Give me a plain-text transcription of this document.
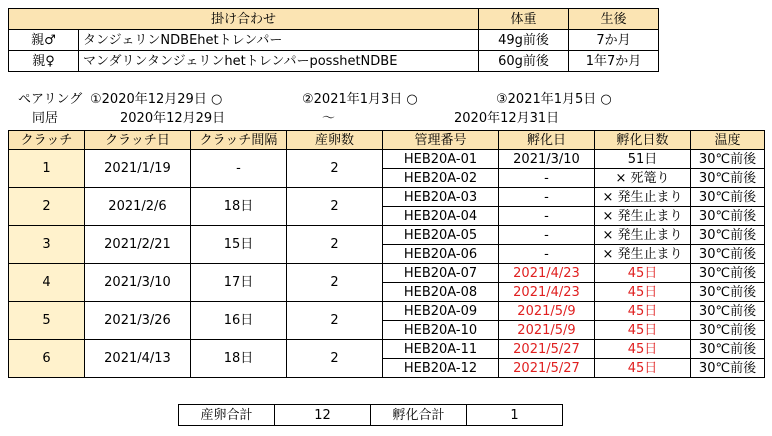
掛け合わせ		体重	生後
親♂	タンジェリンNDBEhetトレンパー	49g前後	7か月
親♀	マンダリンタンジェリンhetトレンパーposshetNDBE	60g前後	1年7か月
ペアリング ①2020年12月29日 ○	②2021年1月3日 ○	③2021年1月5日 ○
同居	2020年12月29日	～	2020年12月31日
クラッチ	クラッチ日	クラッチ間隔	産卵数	管理番号	孵化日	孵化日数	温度
1	2021/1/19	-	2	HEB20A-01	2021/3/10	51日	30℃前後
				HEB20A-02	-	× 死篭り	30℃前後
2	2021/2/6	18日	2	HEB20A-03	-	× 発生止まり	30℃前後
				HEB20A-04	-	× 発生止まり	30℃前後
3	2021/2/21	15日	2	HEB20A-05	-	× 発生止まり	30℃前後
				HEB20A-06	-	× 発生止まり	30℃前後
4	2021/3/10	17日	2	HEB20A-07	2021/4/23	45日	30℃前後
				HEB20A-08	2021/4/23	45日	30℃前後
5	2021/3/26	16日	2	HEB20A-09	2021/5/9	45日	30℃前後
				HEB20A-10	2021/5/9	45日	30℃前後
6	2021/4/13	18日	2	HEB20A-11	2021/5/27	45日	30℃前後
				HEB20A-12	2021/5/27	45日	30℃前後
産卵合計	12	孵化合計	1
